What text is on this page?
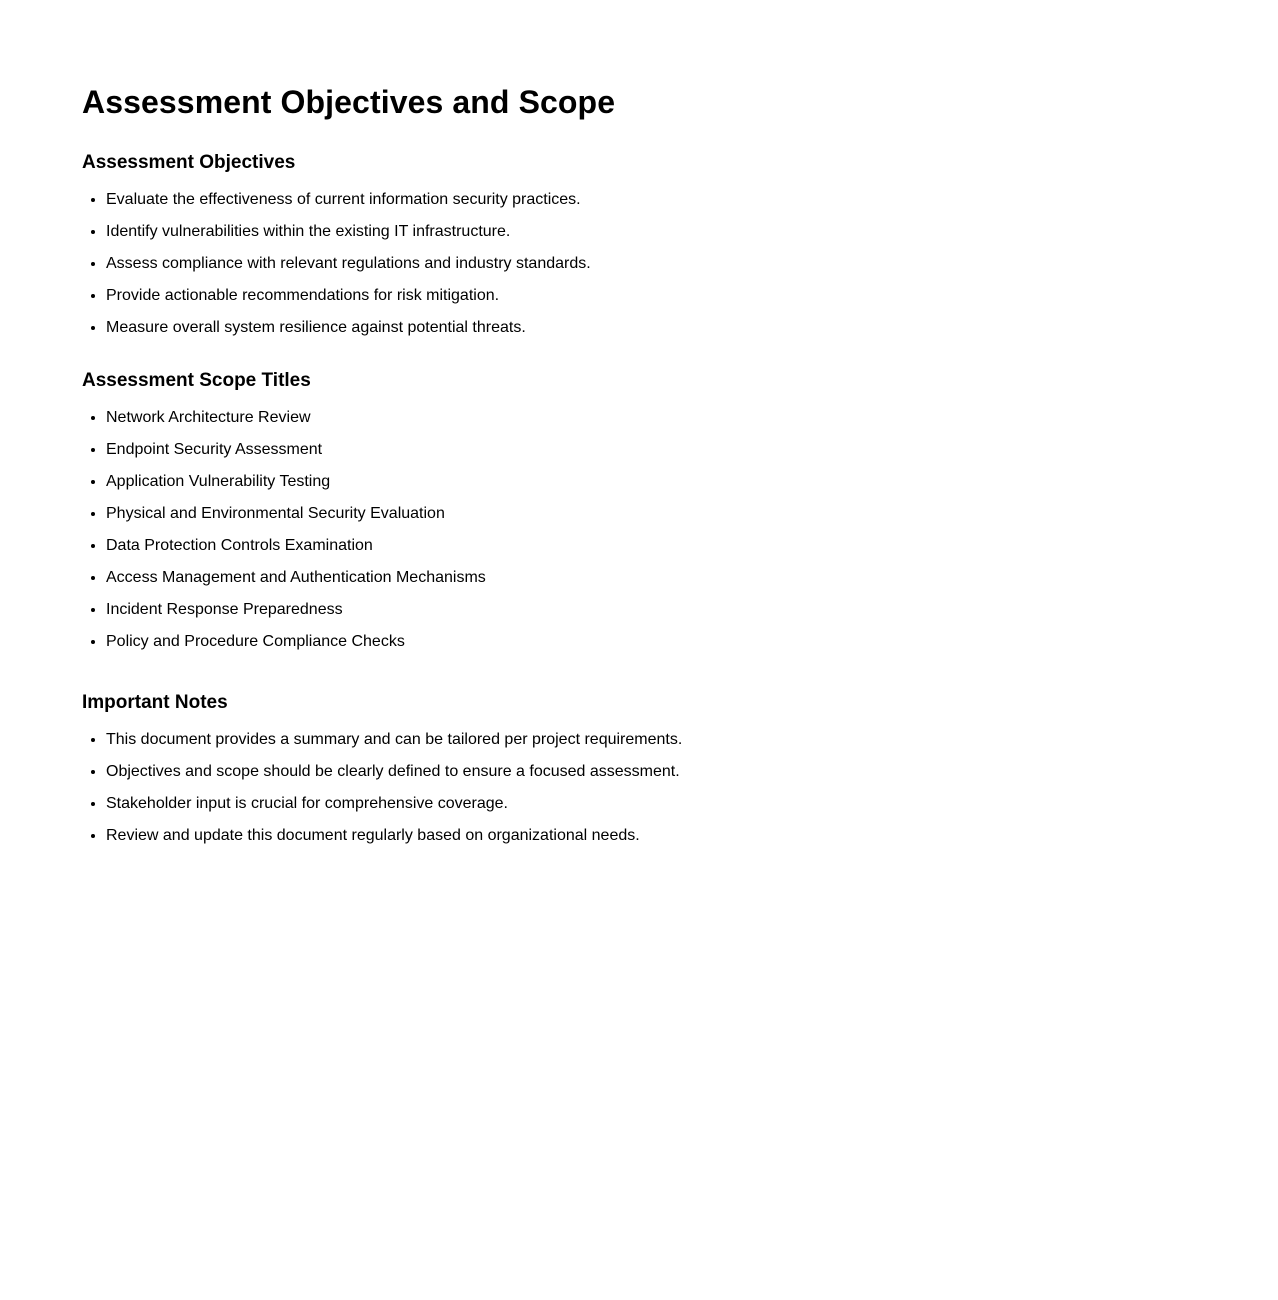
Assessment Objectives and Scope
Assessment Objectives
• Evaluate the effectiveness of current information security practices.
• Identify vulnerabilities within the existing IT infrastructure.
• Assess compliance with relevant regulations and industry standards.
• Provide actionable recommendations for risk mitigation.
• Measure overall system resilience against potential threats.
Assessment Scope Titles
• Network Architecture Review
• Endpoint Security Assessment
• Application Vulnerability Testing
• Physical and Environmental Security Evaluation
• Data Protection Controls Examination
• Access Management and Authentication Mechanisms
• Incident Response Preparedness
• Policy and Procedure Compliance Checks
Important Notes
• This document provides a summary and can be tailored per project requirements.
• Objectives and scope should be clearly defined to ensure a focused assessment.
• Stakeholder input is crucial for comprehensive coverage.
• Review and update this document regularly based on organizational needs.
